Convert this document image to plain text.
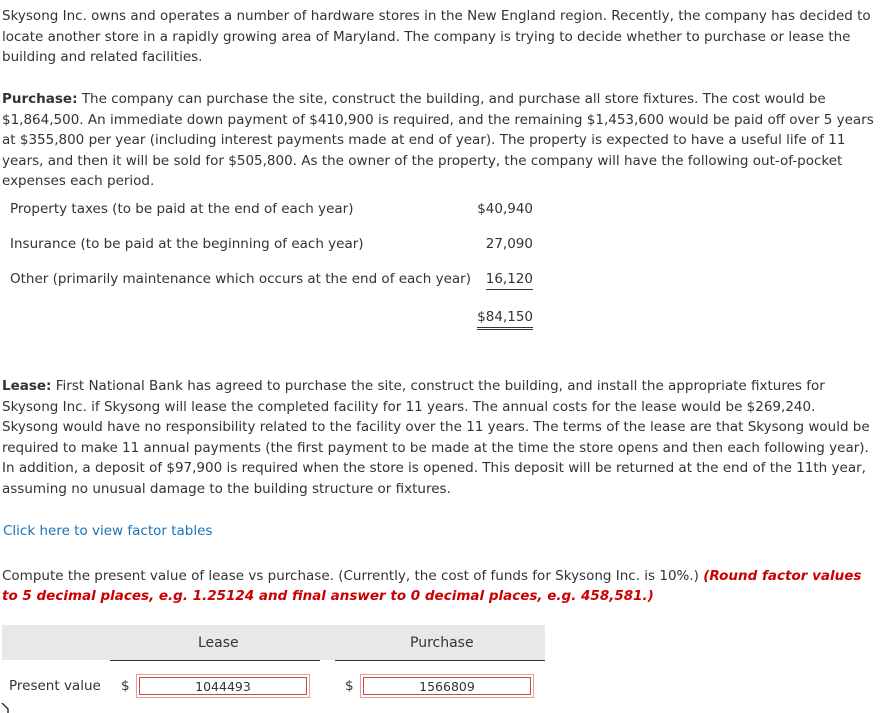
Skysong Inc. owns and operates a number of hardware stores in the New England region. Recently, the company has decided to locate another store in a rapidly growing area of Maryland. The company is trying to decide whether to purchase or lease the building and related facilities.

Purchase: The company can purchase the site, construct the building, and purchase all store fixtures. The cost would be $1,864,500. An immediate down payment of $410,900 is required, and the remaining $1,453,600 would be paid off over 5 years at $355,800 per year (including interest payments made at end of year). The property is expected to have a useful life of 11 years, and then it will be sold for $505,800. As the owner of the property, the company will have the following out-of-pocket expenses each period.

Property taxes (to be paid at the end of each year)	$40,940
Insurance (to be paid at the beginning of each year)	27,090
Other (primarily maintenance which occurs at the end of each year) 16,120
$84,150

Lease: First National Bank has agreed to purchase the site, construct the building, and install the appropriate fixtures for Skysong Inc. if Skysong will lease the completed facility for 11 years. The annual costs for the lease would be $269,240. Skysong would have no responsibility related to the facility over the 11 years. The terms of the lease are that Skysong would be required to make 11 annual payments (the first payment to be made at the time the store opens and then each following year). In addition, a deposit of $97,900 is required when the store is opened. This deposit will be returned at the end of the 11th year, assuming no unusual damage to the building structure or fixtures.

Click here to view factor tables

Compute the present value of lease vs purchase. (Currently, the cost of funds for Skysong Inc. is 10%.) (Round factor values to 5 decimal places, e.g. 1.25124 and final answer to 0 decimal places, e.g. 458,581.)

Lease	Purchase
Present value $	1044493	$	1566809
